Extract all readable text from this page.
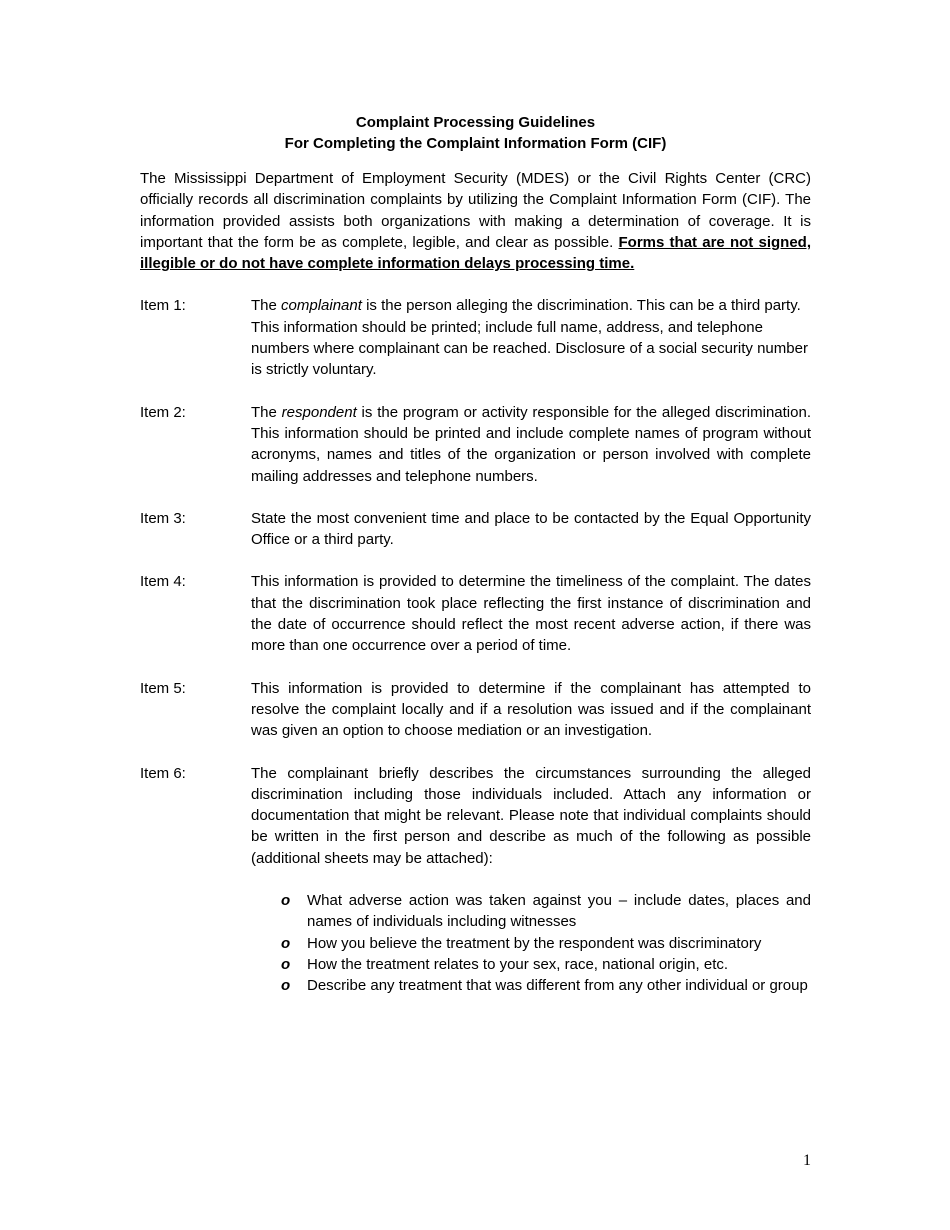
Complaint Processing Guidelines
For Completing the Complaint Information Form (CIF)

The Mississippi Department of Employment Security (MDES) or the Civil Rights Center (CRC) officially records all discrimination complaints by utilizing the Complaint Information Form (CIF). The information provided assists both organizations with making a determination of coverage. It is important that the form be as complete, legible, and clear as possible. Forms that are not signed, illegible or do not have complete information delays processing time.

Item 1:	The complainant is the person alleging the discrimination. This can be a third party. This information should be printed; include full name, address, and telephone numbers where complainant can be reached. Disclosure of a social security number is strictly voluntary.
Item 2:	The respondent is the program or activity responsible for the alleged discrimination. This information should be printed and include complete names of program without acronyms, names and titles of the organization or person involved with complete mailing addresses and telephone numbers.
Item 3:	State the most convenient time and place to be contacted by the Equal Opportunity Office or a third party.
Item 4:	This information is provided to determine the timeliness of the complaint. The dates that the discrimination took place reflecting the first instance of discrimination and the date of occurrence should reflect the most recent adverse action, if there was more than one occurrence over a period of time.
Item 5:	This information is provided to determine if the complainant has attempted to resolve the complaint locally and if a resolution was issued and if the complainant was given an option to choose mediation or an investigation.
Item 6:	The complainant briefly describes the circumstances surrounding the alleged discrimination including those individuals included. Attach any information or documentation that might be relevant. Please note that individual complaints should be written in the first person and describe as much of the following as possible (additional sheets may be attached):
o What adverse action was taken against you – include dates, places and names of individuals including witnesses
o How you believe the treatment by the respondent was discriminatory
o How the treatment relates to your sex, race, national origin, etc.
o Describe any treatment that was different from any other individual or group
1
